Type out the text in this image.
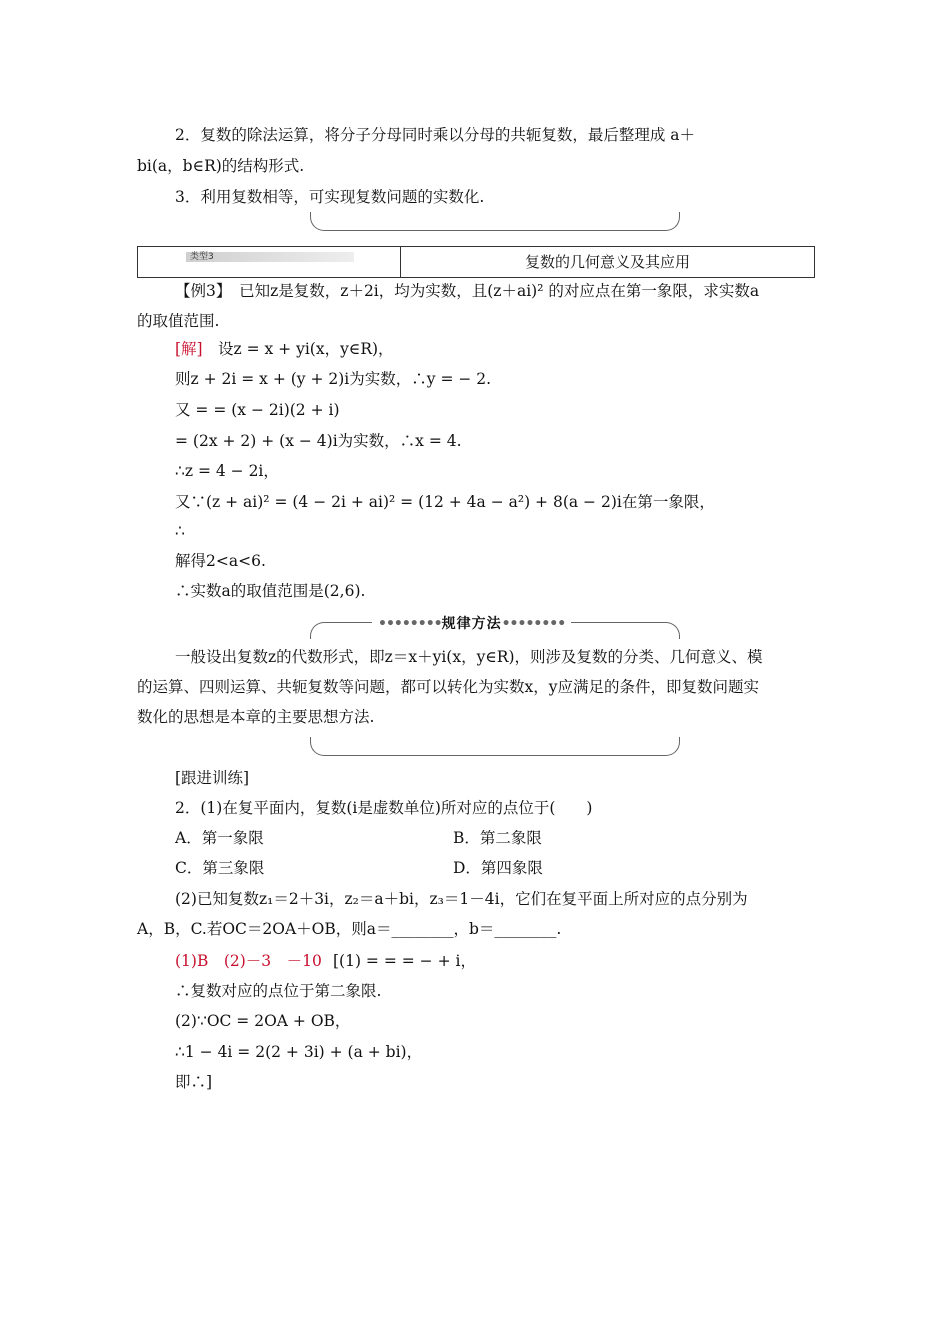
2．复数的除法运算，将分子分母同时乘以分母的共轭复数，最后整理成 a＋
bi(a，b∈R)的结构形式.
3．利用复数相等，可实现复数问题的实数化.
类型3	复数的几何意义及其应用
【例3】　已知z是复数，z＋2i，均为实数，且(z＋ai)² 的对应点在第一象限，求实数a
的取值范围.
[解] 设z = x + yi(x，y∈R)，
则z + 2i = x + (y + 2)i为实数，∴y = − 2.
又 = = (x − 2i)(2 + i)
= (2x + 2) + (x − 4)i为实数，∴x = 4.
∴z = 4 − 2i，
又∵(z + ai)² = (4 − 2i + ai)² = (12 + 4a − a²) + 8(a − 2)i在第一象限，
∴
解得2<a<6.
∴实数a的取值范围是(2,6).
••••••••规律方法••••••••
一般设出复数z的代数形式，即z＝x＋yi(x，y∈R)，则涉及复数的分类、几何意义、模
的运算、四则运算、共轭复数等问题，都可以转化为实数x，y应满足的条件，即复数问题实
数化的思想是本章的主要思想方法.
[跟进训练]
2．(1)在复平面内，复数(i是虚数单位)所对应的点位于(　　)
A．第一象限	B．第二象限
C．第三象限	D．第四象限
(2)已知复数z₁＝2＋3i，z₂＝a＋bi，z₃＝1－4i，它们在复平面上所对应的点分别为
A，B，C.若OC＝2OA＋OB，则a＝________，b＝________.
(1)B　(2)－3　－10 [(1) = = = − + i，
∴复数对应的点位于第二象限.
(2)∵OC = 2OA + OB，
∴1 − 4i = 2(2 + 3i) + (a + bi)，
即∴]
